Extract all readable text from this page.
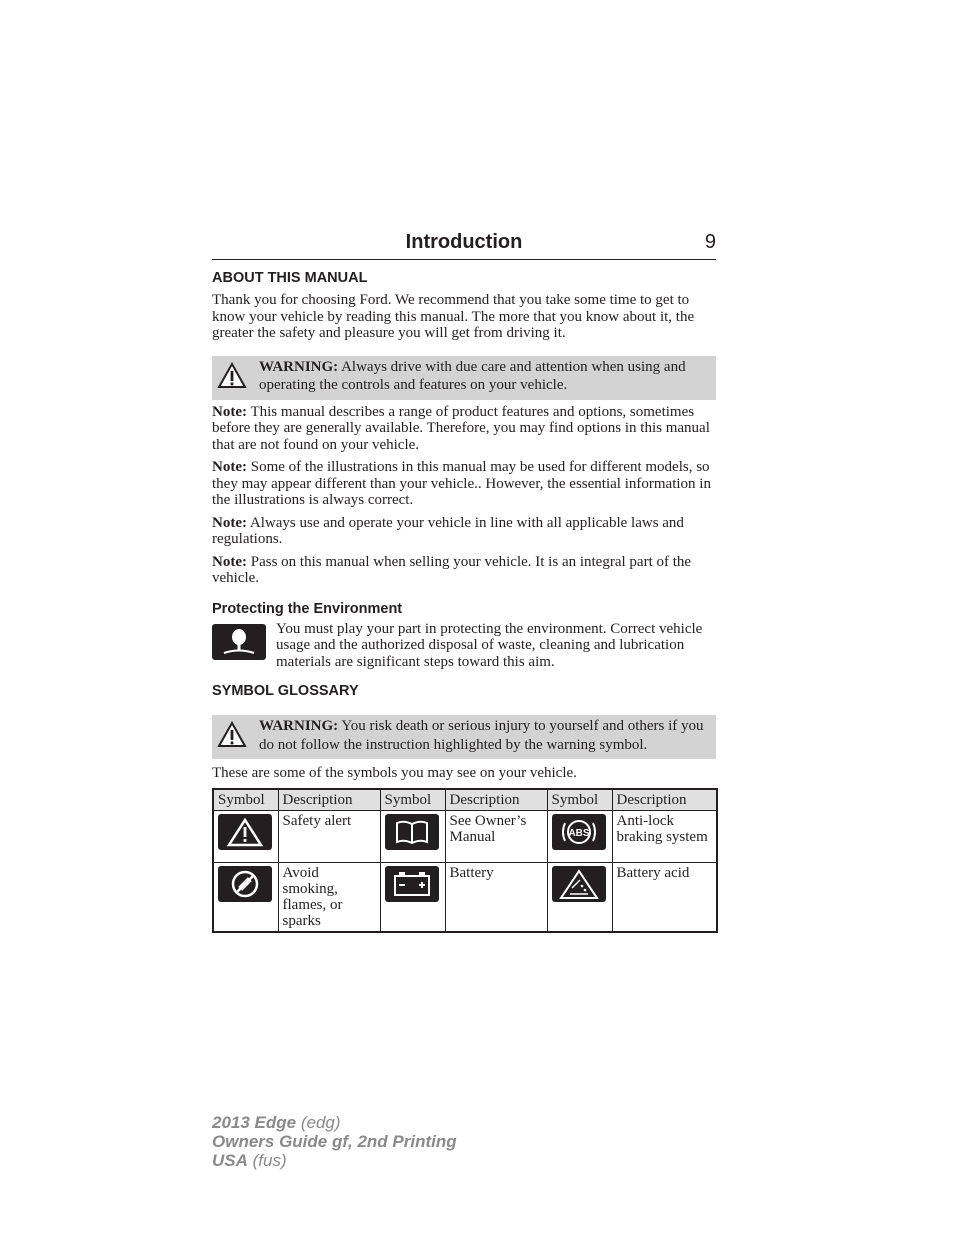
Introduction	9
ABOUT THIS MANUAL

Thank you for choosing Ford. We recommend that you take some time to get to know your vehicle by reading this manual. The more that you know about it, the greater the safety and pleasure you will get from driving it.

WARNING: Always drive with due care and attention when using and operating the controls and features on your vehicle.

Note: This manual describes a range of product features and options, sometimes before they are generally available. Therefore, you may find options in this manual that are not found on your vehicle.

Note: Some of the illustrations in this manual may be used for different models, so they may appear different than your vehicle.. However, the essential information in the illustrations is always correct.

Note: Always use and operate your vehicle in line with all applicable laws and regulations.

Note: Pass on this manual when selling your vehicle. It is an integral part of the vehicle.

Protecting the Environment

You must play your part in protecting the environment. Correct vehicle usage and the authorized disposal of waste, cleaning and lubrication materials are significant steps toward this aim.

SYMBOL GLOSSARY

WARNING: You risk death or serious injury to yourself and others if you do not follow the instruction highlighted by the warning symbol.

These are some of the symbols you may see on your vehicle.

Symbol	Description	Symbol	Description	Symbol	Description
	Safety alert		See Owner’s Manual	ABS	Anti-lock braking system
	Avoid smoking, flames, or sparks		Battery		Battery acid
2013 Edge (edg)
Owners Guide gf, 2nd Printing
USA (fus)
